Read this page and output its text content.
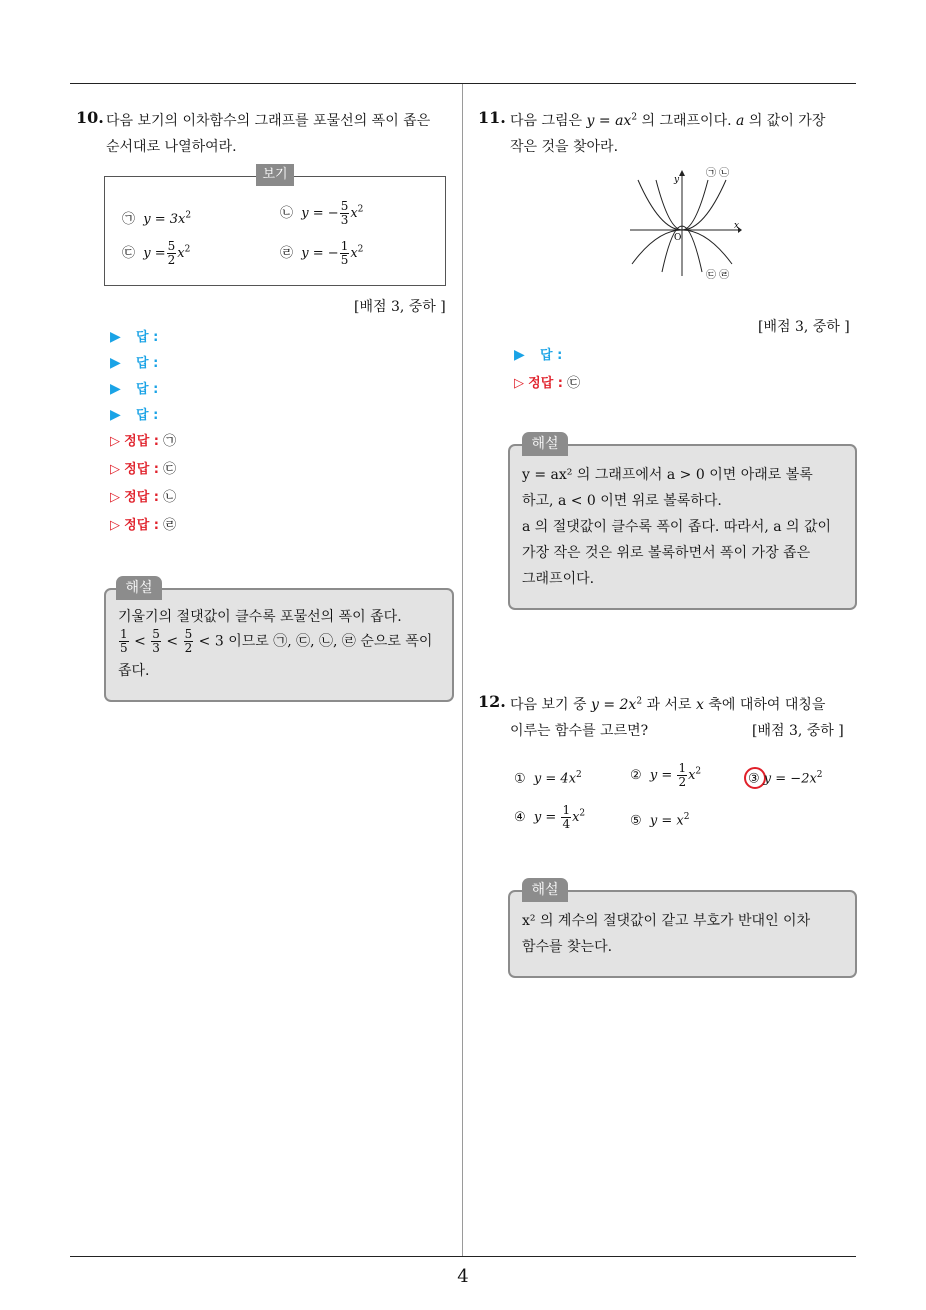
4
10. 다음 보기의 이차함수의 그래프를 포물선의 폭이 좁은
순서대로 나열하여라.
보기
㉠ $y = 3x^2$	㉡ y = − $\frac{5}{3} x^2$
㉢ $y = \frac{5}{2} x^2$	㉣ y = − $\frac{1}{5} x^2$
[배점 3, 중하 ]
▶ 답 :
▶ 답 :
▶ 답 :
▶ 답 :
▷ 정답 : ㉠
▷ 정답 : ㉢
▷ 정답 : ㉡
▷ 정답 : ㉣
해설
기울기의 절댓값이 클수록 포물선의 폭이 좁다.
$\frac{1}{5} < \frac{5}{3} < \frac{5}{2} < 3$ 이므로 ㉠, ㉢, ㉡, ㉣ 순으로 폭이
좁다.
11. 다음 그림은 $y = ax^2$ 의 그래프이다. a 의 값이 가장
작은 것을 찾아라.
y
x
O
㉠ ㉡
㉢ ㉣
[배점 3, 중하 ]
▶ 답 :
▷ 정답 : ㉢
해설
y = ax² 의 그래프에서 a > 0 이면 아래로 볼록
하고, a < 0 이면 위로 볼록하다.
a 의 절댓값이 클수록 폭이 좁다. 따라서, a 의 값이
가장 작은 것은 위로 볼록하면서 폭이 가장 좁은
그래프이다.
12. 다음 보기 중 $y = 2x^2$ 과 서로 x 축에 대하여 대칭을
이루는 함수를 고르면?	[배점 3, 중하 ]
① $y = 4x^2$	② $y = \frac{1}{2} x^2$	③ $y = -2x^2$
④ $y = \frac{1}{4} x^2$	⑤ $y = x^2$
해설
x² 의 계수의 절댓값이 같고 부호가 반대인 이차
함수를 찾는다.
